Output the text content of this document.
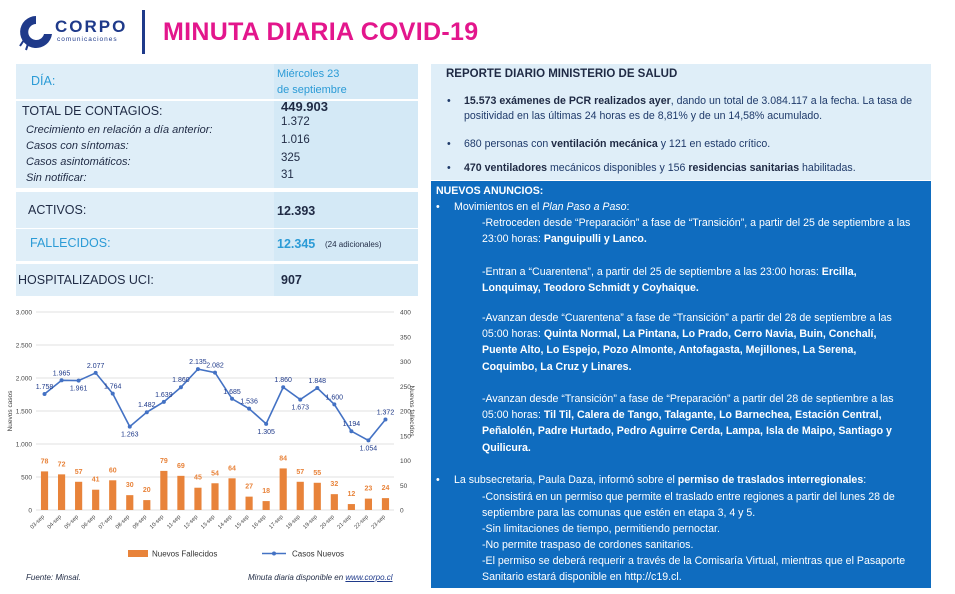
CORPO
comunicaciones MINUTA DIARIA COVID-19
DÍA:	Miércoles 23
de septiembre
TOTAL DE CONTAGIOS:	449.903
Crecimiento en relación a día anterior:
1.372
Casos con síntomas:	1.016
Casos asintomáticos:	325
Sin notificar:	31
ACTIVOS:	12.393
FALLECIDOS:	12.345 (24 adicionales)
HOSPITALIZADOS UCI:	907
REPORTE DIARIO MINISTERIO DE SALUD
• 15.573 exámenes de PCR realizados ayer, dando un total de 3.084.117 a la fecha. La tasa de positividad en las últimas 24 horas es de 8,81% y de un 14,58% acumulado.
• 680 personas con ventilación mecánica y 121 en estado crítico.
• 470 ventiladores mecánicos disponibles y 156 residencias sanitarias habilitadas.
NUEVOS ANUNCIOS:
• Movimientos en el Plan Paso a Paso:
-Retroceden desde “Preparación” a fase de “Transición”, a partir del 25 de septiembre a las 23:00 horas: Panguipulli y Lanco.
-Entran a “Cuarentena”, a partir del 25 de septiembre a las 23:00 horas: Ercilla, Lonquimay, Teodoro Schmidt y Coyhaique.
-Avanzan desde “Cuarentena” a fase de “Transición” a partir del 28 de septiembre a las 05:00 horas: Quinta Normal, La Pintana, Lo Prado, Cerro Navia, Buin, Conchalí, Puente Alto, Lo Espejo, Pozo Almonte, Antofagasta, Mejillones, La Serena, Coquimbo, La Cruz y Linares.
-Avanzan desde “Transición” a fase de “Preparación” a partir del 28 de septiembre a las 05:00 horas: Til Til, Calera de Tango, Talagante, Lo Barnechea, Estación Central, Peñalolén, Padre Hurtado, Pedro Aguirre Cerda, Lampa, Isla de Maipo, Santiago y Quilicura.
• La subsecretaria, Paula Daza, informó sobre el permiso de traslados interregionales:
-Consistirá en un permiso que permite el traslado entre regiones a partir del lunes 28 de septiembre para las comunas que estén en etapa 3, 4 y 5.
-Sin limitaciones de tiempo, permitiendo pernoctar.
-No permite traspaso de cordones sanitarios.
-El permiso se deberá requerir a través de la Comisaría Virtual, mientras que el Pasaporte Sanitario estará disponible en http://c19.cl.
0
500
1.000
1.500
2.000
2.500
3.000
0
50
100
150
200
250
300
350
400
Nuevos casos	Nuevos fallecidos
78 72
57
41
60
30
20
79
69
45
54
64
27
18
84
57 55
32
12
23 24
1.758
1.965
1.961
2.077
1.764
1.263
1.482
1.639
1.860
2.135 2.082
1.685
1.536
1.305
1.860
1.673
1.848
1.600
1.194
1.054
1.372
03-sep 04-sep 05-sep 06-sep 07-sep 08-sep 09-sep 10-sep 11-sep 12-sep 13-sep 14-sep 15-sep 16-sep 17-sep 18-sep 19-sep 20-sep 21-sep 22-sep 23-sep
Nuevos Fallecidos	Casos Nuevos
Fuente: Minsal.	Minuta diaria disponible en www.corpo.cl
